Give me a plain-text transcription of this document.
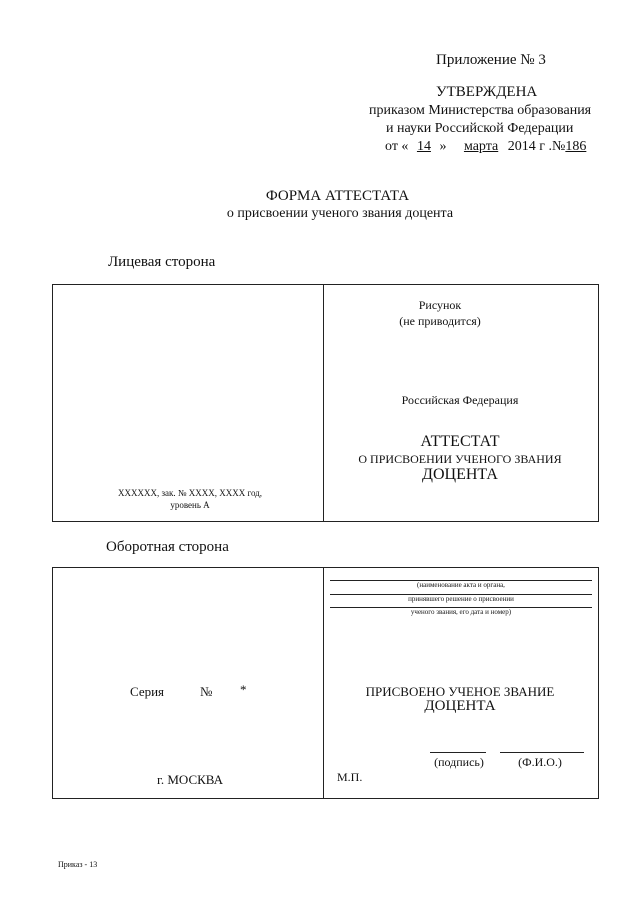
Приложение № 3
УТВЕРЖДЕНА
приказом Министерства образования
и науки Российской Федерации
от « 14 » марта 2014 г .№186
ФОРМА АТТЕСТАТА
о присвоении ученого звания доцента
Лицевая сторона
XXXXXX, зак. № XXXX, XXXX год,
уровень А
Рисунок
(не приводится)
Российская Федерация
АТТЕСТАТ
О ПРИСВОЕНИИ УЧЕНОГО ЗВАНИЯ
ДОЦЕНТА
Оборотная сторона
Серия	№ *
г. МОСКВА
(наименование акта и органа,
принявшего решение о присвоении
ученого звания, его дата и номер)
ПРИСВОЕНО УЧЕНОЕ ЗВАНИЕ
ДОЦЕНТА
(подпись)	(Ф.И.О.)
М.П.
Приказ - 13
